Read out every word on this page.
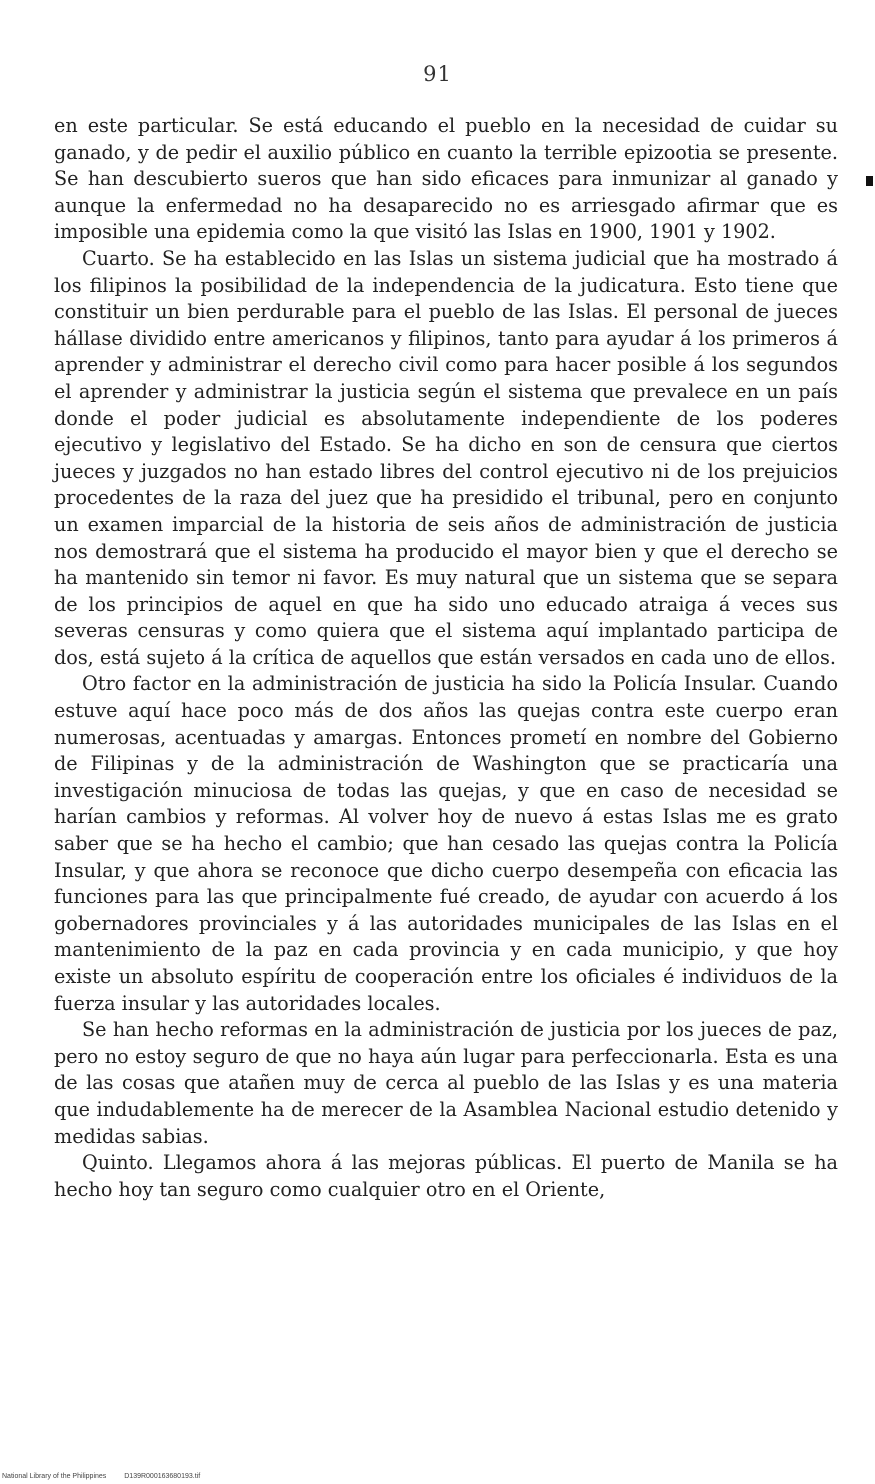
91

en este particular. Se está educando el pueblo en la necesidad de cuidar su ganado, y de pedir el auxilio público en cuanto la terrible epizootia se presente. Se han descubierto sueros que han sido eficaces para inmunizar al ganado y aunque la enfermedad no ha desaparecido no es arriesgado afirmar que es imposible una epidemia como la que visitó las Islas en 1900, 1901 y 1902.

Cuarto. Se ha establecido en las Islas un sistema judicial que ha mostrado á los filipinos la posibilidad de la independencia de la judicatura. Esto tiene que constituir un bien perdurable para el pueblo de las Islas. El personal de jueces hállase dividido entre americanos y filipinos, tanto para ayudar á los primeros á aprender y administrar el derecho civil como para hacer posible á los segundos el aprender y administrar la justicia según el sistema que prevalece en un país donde el poder judicial es absolutamente independiente de los poderes ejecutivo y legislativo del Estado. Se ha dicho en son de censura que ciertos jueces y juzgados no han estado libres del control ejecutivo ni de los prejuicios procedentes de la raza del juez que ha presidido el tribunal, pero en conjunto un examen imparcial de la historia de seis años de administración de justicia nos demostrará que el sistema ha producido el mayor bien y que el derecho se ha mantenido sin temor ni favor. Es muy natural que un sistema que se separa de los principios de aquel en que ha sido uno educado atraiga á veces sus severas censuras y como quiera que el sistema aquí implantado participa de dos, está sujeto á la crítica de aquellos que están versados en cada uno de ellos.

Otro factor en la administración de justicia ha sido la Policía Insular. Cuando estuve aquí hace poco más de dos años las quejas contra este cuerpo eran numerosas, acentuadas y amargas. Entonces prometí en nombre del Gobierno de Filipinas y de la administración de Washington que se practicaría una investigación minuciosa de todas las quejas, y que en caso de necesidad se harían cambios y reformas. Al volver hoy de nuevo á estas Islas me es grato saber que se ha hecho el cambio; que han cesado las quejas contra la Policía Insular, y que ahora se reconoce que dicho cuerpo desempeña con eficacia las funciones para las que principalmente fué creado, de ayudar con acuerdo á los gobernadores provinciales y á las autoridades municipales de las Islas en el mantenimiento de la paz en cada provincia y en cada municipio, y que hoy existe un absoluto espíritu de cooperación entre los oficiales é individuos de la fuerza insular y las autoridades locales.

Se han hecho reformas en la administración de justicia por los jueces de paz, pero no estoy seguro de que no haya aún lugar para perfeccionarla. Esta es una de las cosas que atañen muy de cerca al pueblo de las Islas y es una materia que indudablemente ha de merecer de la Asamblea Nacional estudio detenido y medidas sabias.

Quinto. Llegamos ahora á las mejoras públicas. El puerto de Manila se ha hecho hoy tan seguro como cualquier otro en el Oriente,

National Library of the Philippines	D139R000163680193.tif
